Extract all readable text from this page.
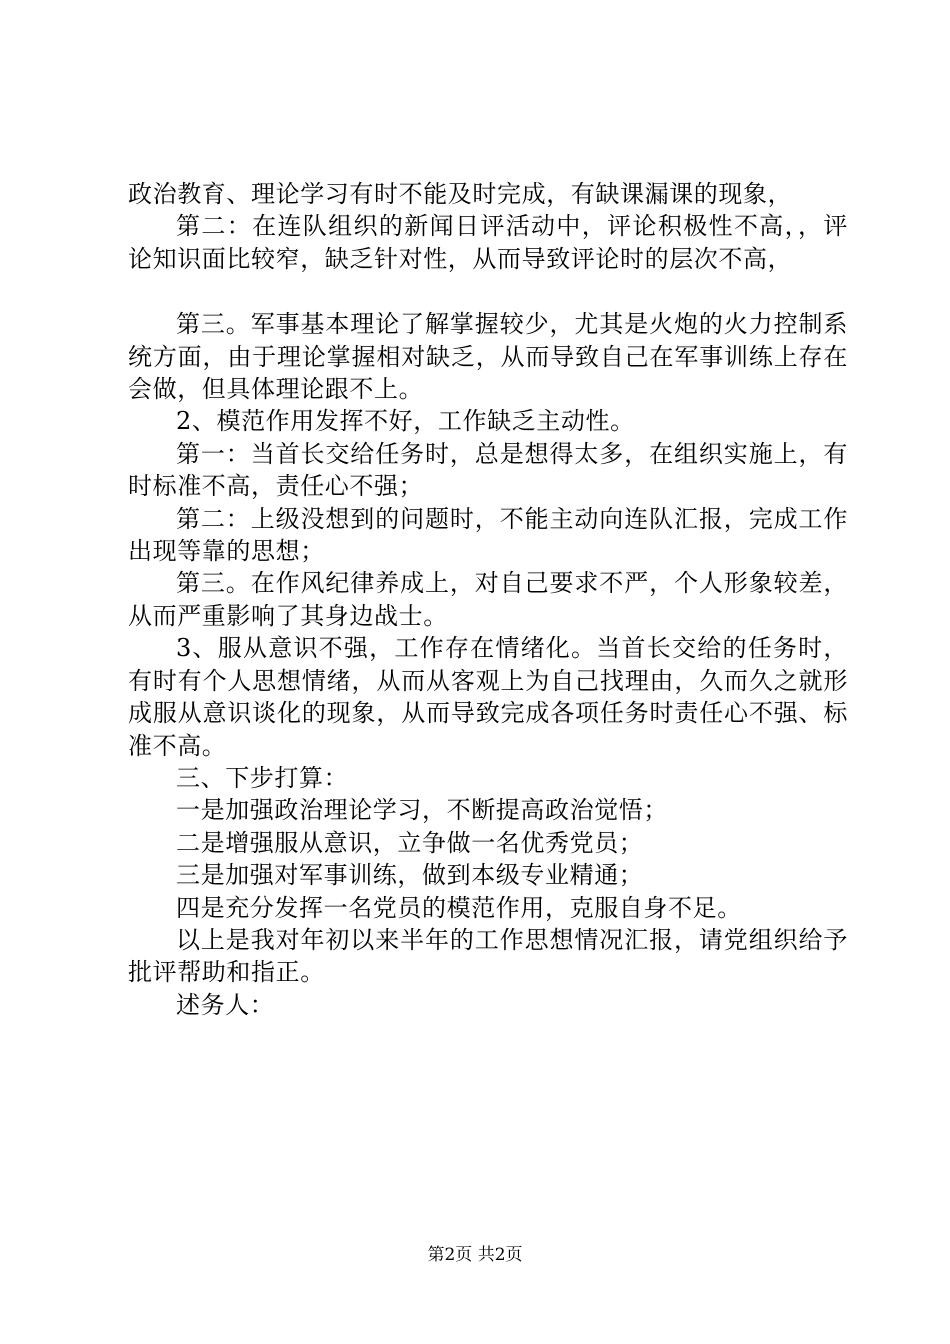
政治教育、理论学习有时不能及时完成，有缺课漏课的现象，

第二：在连队组织的新闻日评活动中，评论积极性不高，，评论知识面比较窄，缺乏针对性，从而导致评论时的层次不高，

第三。军事基本理论了解掌握较少，尤其是火炮的火力控制系统方面，由于理论掌握相对缺乏，从而导致自己在军事训练上存在会做，但具体理论跟不上。

2、模范作用发挥不好，工作缺乏主动性。

第一：当首长交给任务时，总是想得太多，在组织实施上，有时标准不高，责任心不强；

第二：上级没想到的问题时，不能主动向连队汇报，完成工作出现等靠的思想；

第三。在作风纪律养成上，对自己要求不严，个人形象较差，从而严重影响了其身边战士。

3、服从意识不强，工作存在情绪化。当首长交给的任务时，有时有个人思想情绪，从而从客观上为自己找理由，久而久之就形成服从意识谈化的现象，从而导致完成各项任务时责任心不强、标准不高。

三、下步打算：

一是加强政治理论学习，不断提高政治觉悟；

二是增强服从意识，立争做一名优秀党员；

三是加强对军事训练，做到本级专业精通；

四是充分发挥一名党员的模范作用，克服自身不足。

以上是我对年初以来半年的工作思想情况汇报，请党组织给予批评帮助和指正。

述务人：

第2页 共2页
